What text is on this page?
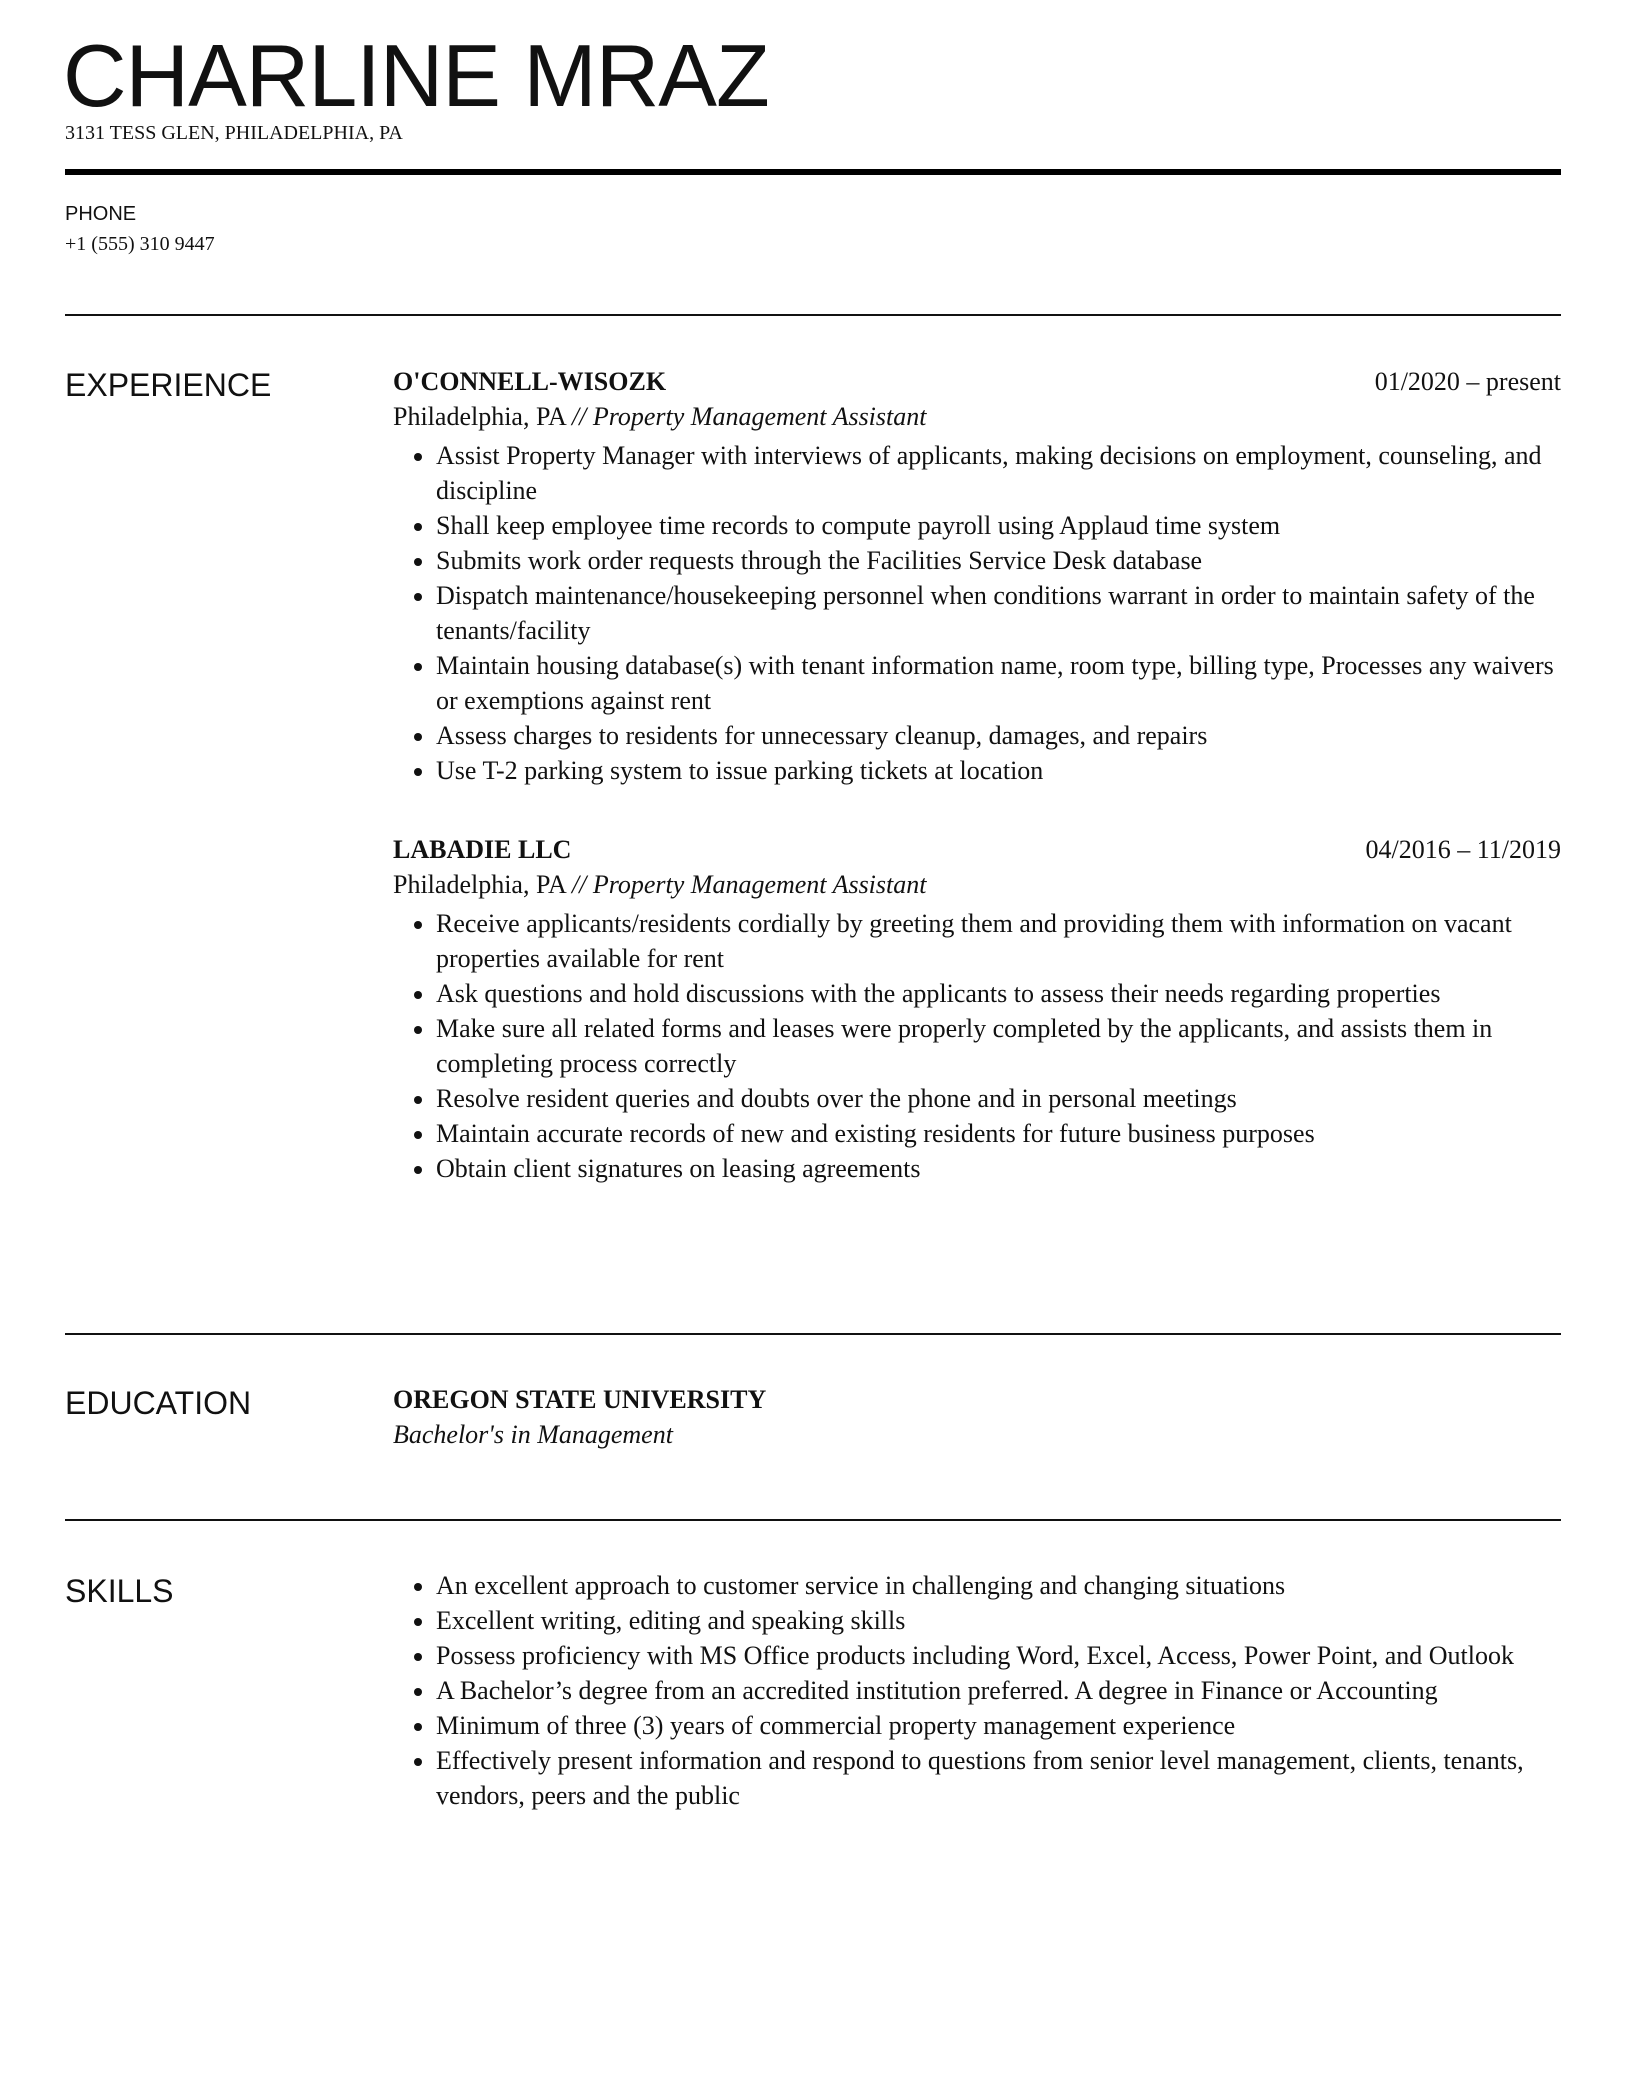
CHARLINE MRAZ
3131 TESS GLEN, PHILADELPHIA, PA
PHONE
+1 (555) 310 9447
EXPERIENCE	O'CONNELL-WISOZK	01/2020 – present
Philadelphia, PA // Property Management Assistant
• Assist Property Manager with interviews of applicants, making decisions on employment, counseling, and discipline
• Shall keep employee time records to compute payroll using Applaud time system
• Submits work order requests through the Facilities Service Desk database
• Dispatch maintenance/housekeeping personnel when conditions warrant in order to maintain safety of the tenants/facility
• Maintain housing database(s) with tenant information name, room type, billing type, Processes any waivers or exemptions against rent
• Assess charges to residents for unnecessary cleanup, damages, and repairs
• Use T-2 parking system to issue parking tickets at location
LABADIE LLC	04/2016 – 11/2019
Philadelphia, PA // Property Management Assistant
• Receive applicants/residents cordially by greeting them and providing them with information on vacant properties available for rent
• Ask questions and hold discussions with the applicants to assess their needs regarding properties
• Make sure all related forms and leases were properly completed by the applicants, and assists them in completing process correctly
• Resolve resident queries and doubts over the phone and in personal meetings
• Maintain accurate records of new and existing residents for future business purposes
• Obtain client signatures on leasing agreements
EDUCATION	OREGON STATE UNIVERSITY
Bachelor's in Management
SKILLS	• An excellent approach to customer service in challenging and changing situations
• Excellent writing, editing and speaking skills
• Possess proficiency with MS Office products including Word, Excel, Access, Power Point, and Outlook
• A Bachelor’s degree from an accredited institution preferred. A degree in Finance or Accounting
• Minimum of three (3) years of commercial property management experience
• Effectively present information and respond to questions from senior level management, clients, tenants, vendors, peers and the public
